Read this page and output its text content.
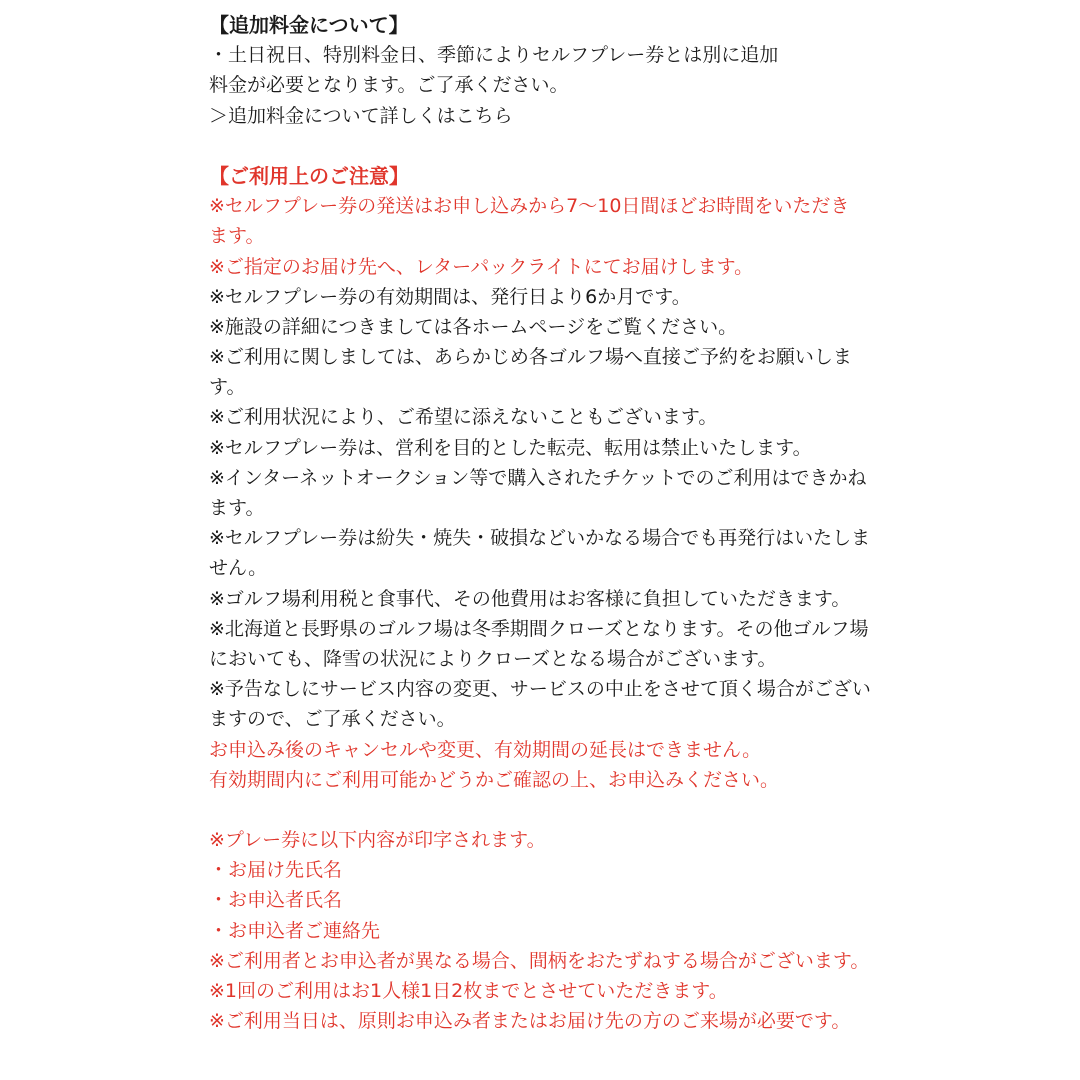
【追加料金について】
・土日祝日、特別料金日、季節によりセルフプレー券とは別に追加
料金が必要となります。ご了承ください。
＞追加料金について詳しくはこちら
【ご利用上のご注意】
※セルフプレー券の発送はお申し込みから7〜10日間ほどお時間をいただき
ます。
※ご指定のお届け先へ、レターパックライトにてお届けします。
※セルフプレー券の有効期間は、発行日より6か月です。
※施設の詳細につきましては各ホームページをご覧ください。
※ご利用に関しましては、あらかじめ各ゴルフ場へ直接ご予約をお願いしま
す。
※ご利用状況により、ご希望に添えないこともございます。
※セルフプレー券は、営利を目的とした転売、転用は禁止いたします。
※インターネットオークション等で購入されたチケットでのご利用はできかね
ます。
※セルフプレー券は紛失・焼失・破損などいかなる場合でも再発行はいたしま
せん。
※ゴルフ場利用税と食事代、その他費用はお客様に負担していただきます。
※北海道と長野県のゴルフ場は冬季期間クローズとなります。その他ゴルフ場
においても、降雪の状況によりクローズとなる場合がございます。
※予告なしにサービス内容の変更、サービスの中止をさせて頂く場合がござい
ますので、ご了承ください。
お申込み後のキャンセルや変更、有効期間の延長はできません。
有効期間内にご利用可能かどうかご確認の上、お申込みください。
※プレー券に以下内容が印字されます。
・お届け先氏名
・お申込者氏名
・お申込者ご連絡先
※ご利用者とお申込者が異なる場合、間柄をおたずねする場合がございます。
※1回のご利用はお1人様1日2枚までとさせていただきます。
※ご利用当日は、原則お申込み者またはお届け先の方のご来場が必要です。
